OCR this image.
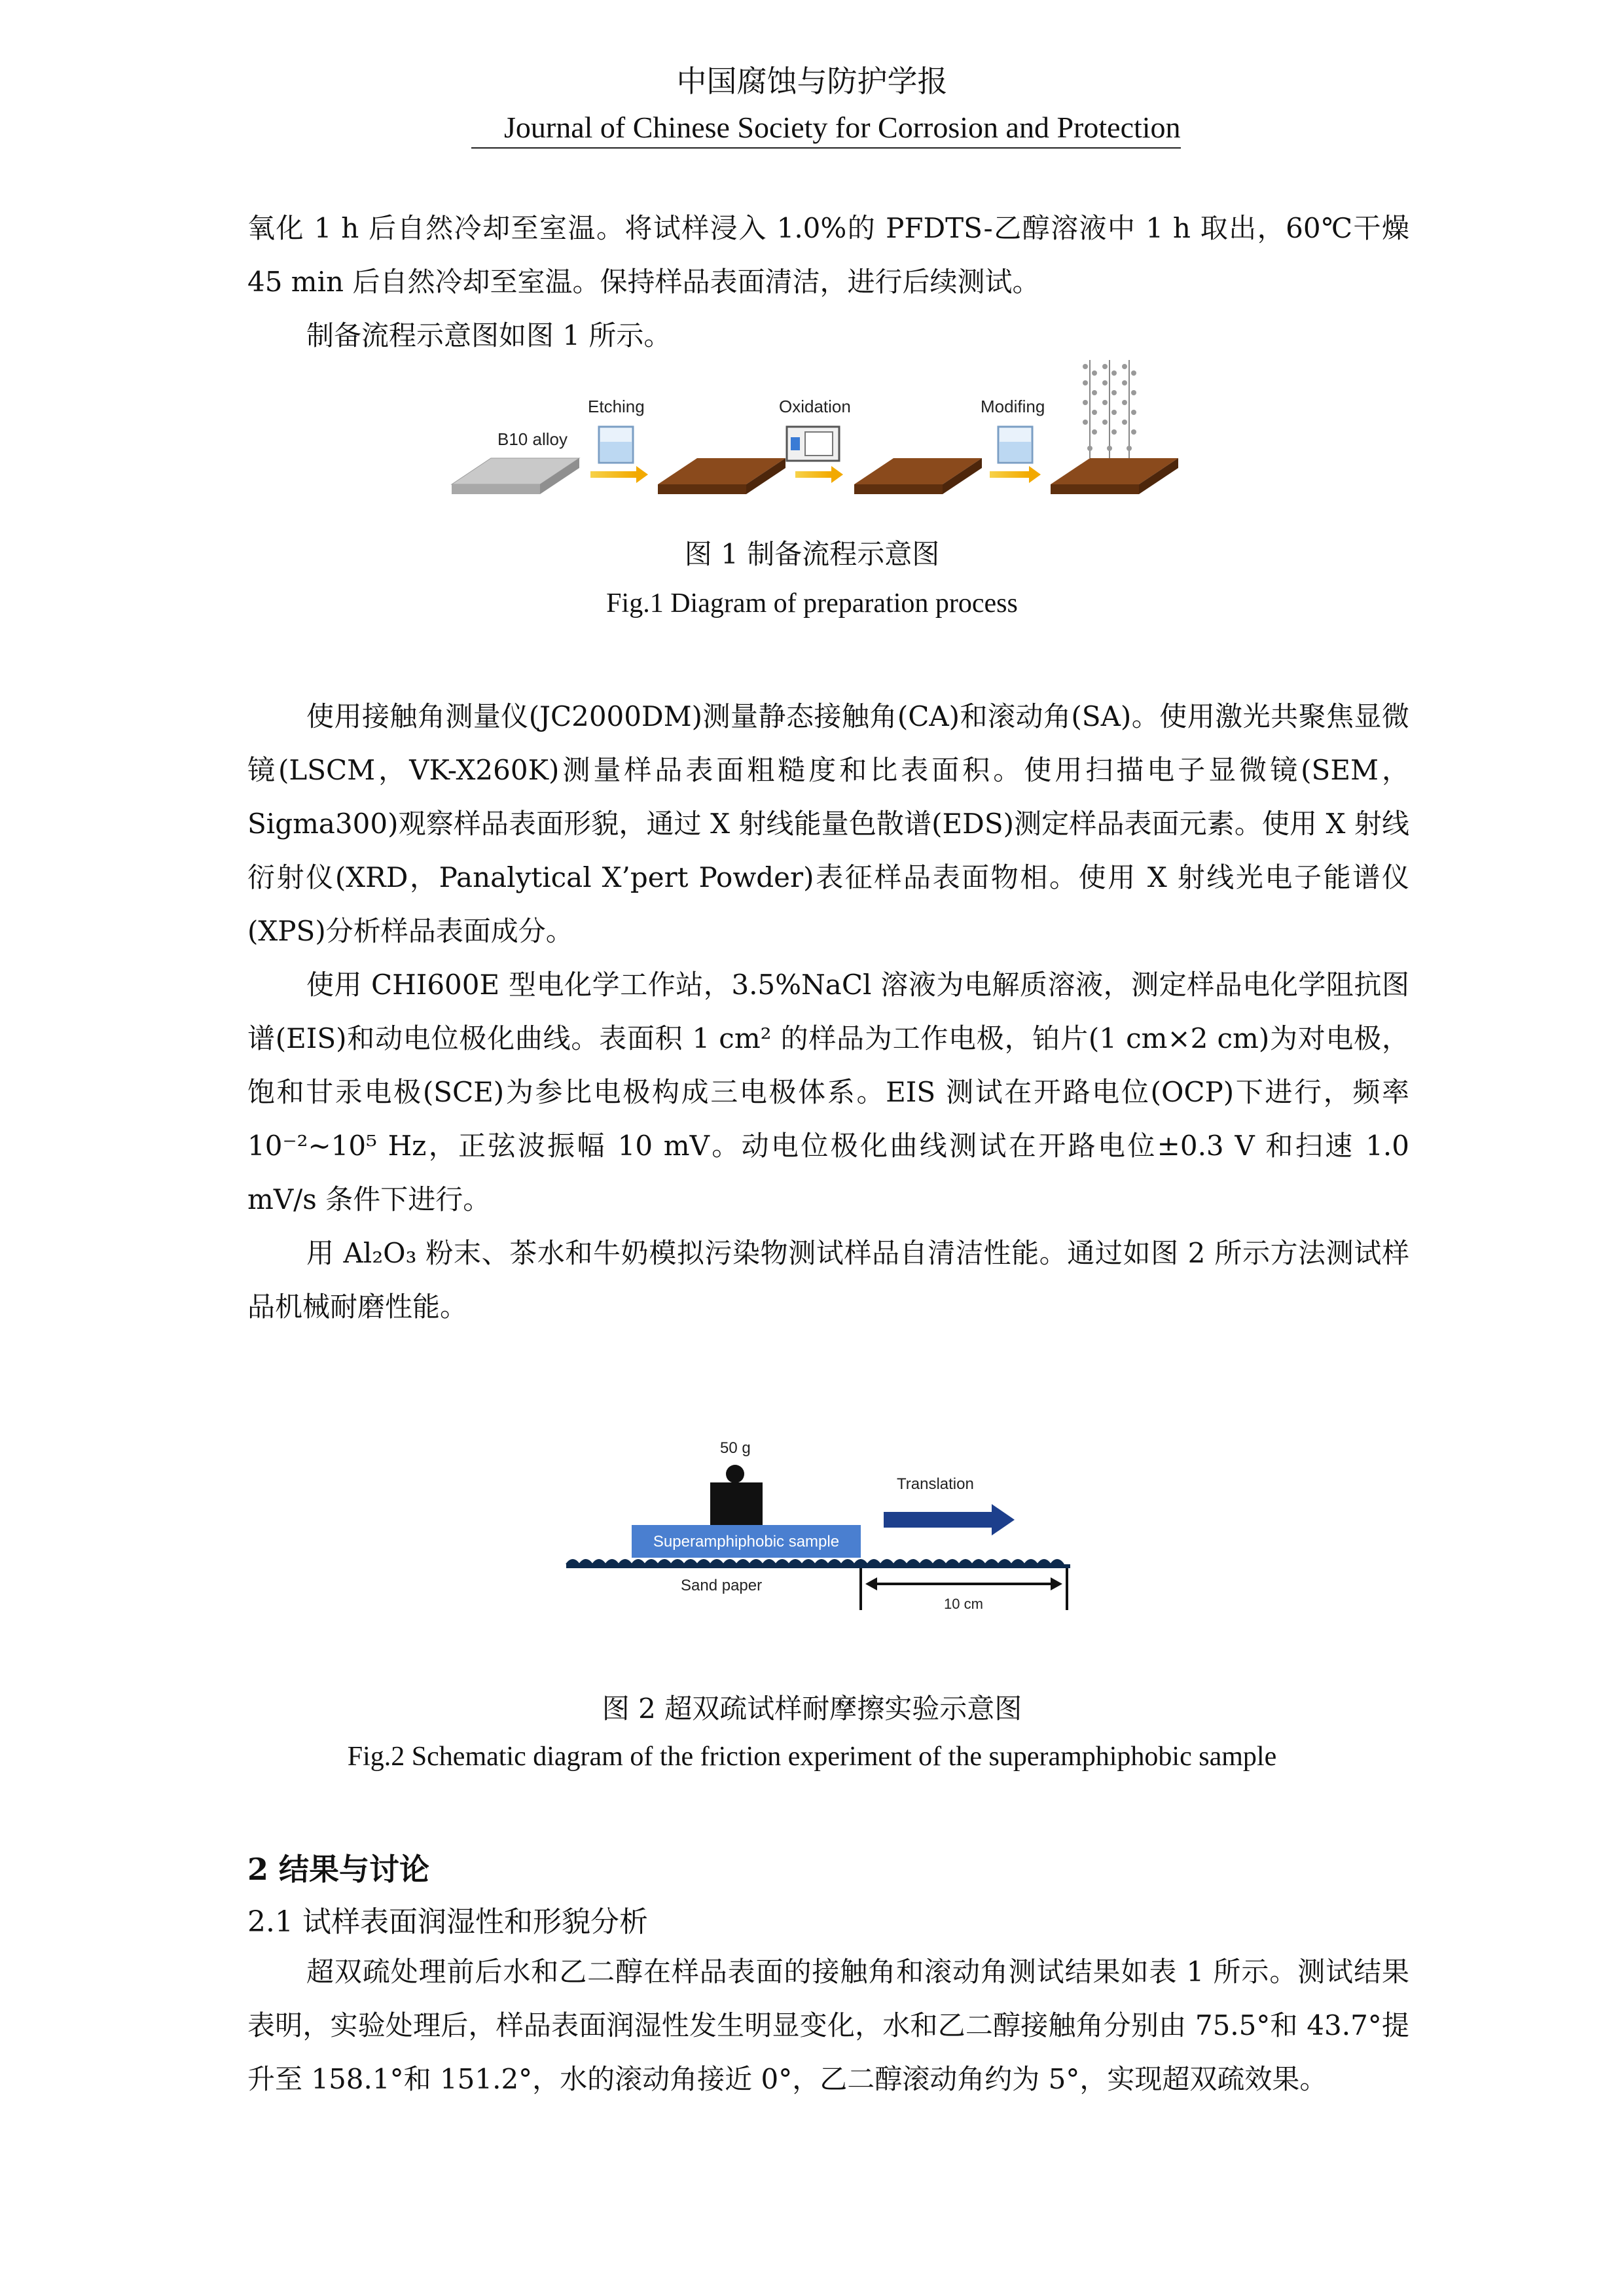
中国腐蚀与防护学报
Journal of Chinese Society for Corrosion and Protection

氧化 1 h 后自然冷却至室温。将试样浸入 1.0%的 PFDTS-乙醇溶液中 1 h 取出，60℃干燥 45 min 后自然冷却至室温。保持样品表面清洁，进行后续测试。

制备流程示意图如图 1 所示。

B10 alloy
Etching	Oxidation	Modifing

图 1 制备流程示意图

Fig.1 Diagram of preparation process

使用接触角测量仪(JC2000DM)测量静态接触角(CA)和滚动角(SA)。使用激光共聚焦显微镜(LSCM，VK-X260K)测量样品表面粗糙度和比表面积。使用扫描电子显微镜(SEM，Sigma300)观察样品表面形貌，通过 X 射线能量色散谱(EDS)测定样品表面元素。使用 X 射线衍射仪(XRD，Panalytical X’pert Powder)表征样品表面物相。使用 X 射线光电子能谱仪(XPS)分析样品表面成分。

使用 CHI600E 型电化学工作站，3.5%NaCl 溶液为电解质溶液，测定样品电化学阻抗图谱(EIS)和动电位极化曲线。表面积 1 cm² 的样品为工作电极，铂片(1 cm×2 cm)为对电极，饱和甘汞电极(SCE)为参比电极构成三电极体系。EIS 测试在开路电位(OCP)下进行，频率 10⁻²~10⁵ Hz，正弦波振幅 10 mV。动电位极化曲线测试在开路电位±0.3 V 和扫速 1.0 mV/s 条件下进行。

用 Al₂O₃ 粉末、茶水和牛奶模拟污染物测试样品自清洁性能。通过如图 2 所示方法测试样品机械耐磨性能。

50 g
Superamphiphobic sample
Sand paper
Translation
10 cm

图 2 超双疏试样耐摩擦实验示意图

Fig.2 Schematic diagram of the friction experiment of the superamphiphobic sample

2 结果与讨论

2.1 试样表面润湿性和形貌分析

超双疏处理前后水和乙二醇在样品表面的接触角和滚动角测试结果如表 1 所示。测试结果表明，实验处理后，样品表面润湿性发生明显变化，水和乙二醇接触角分别由 75.5°和 43.7°提升至 158.1°和 151.2°，水的滚动角接近 0°，乙二醇滚动角约为 5°，实现超双疏效果。
